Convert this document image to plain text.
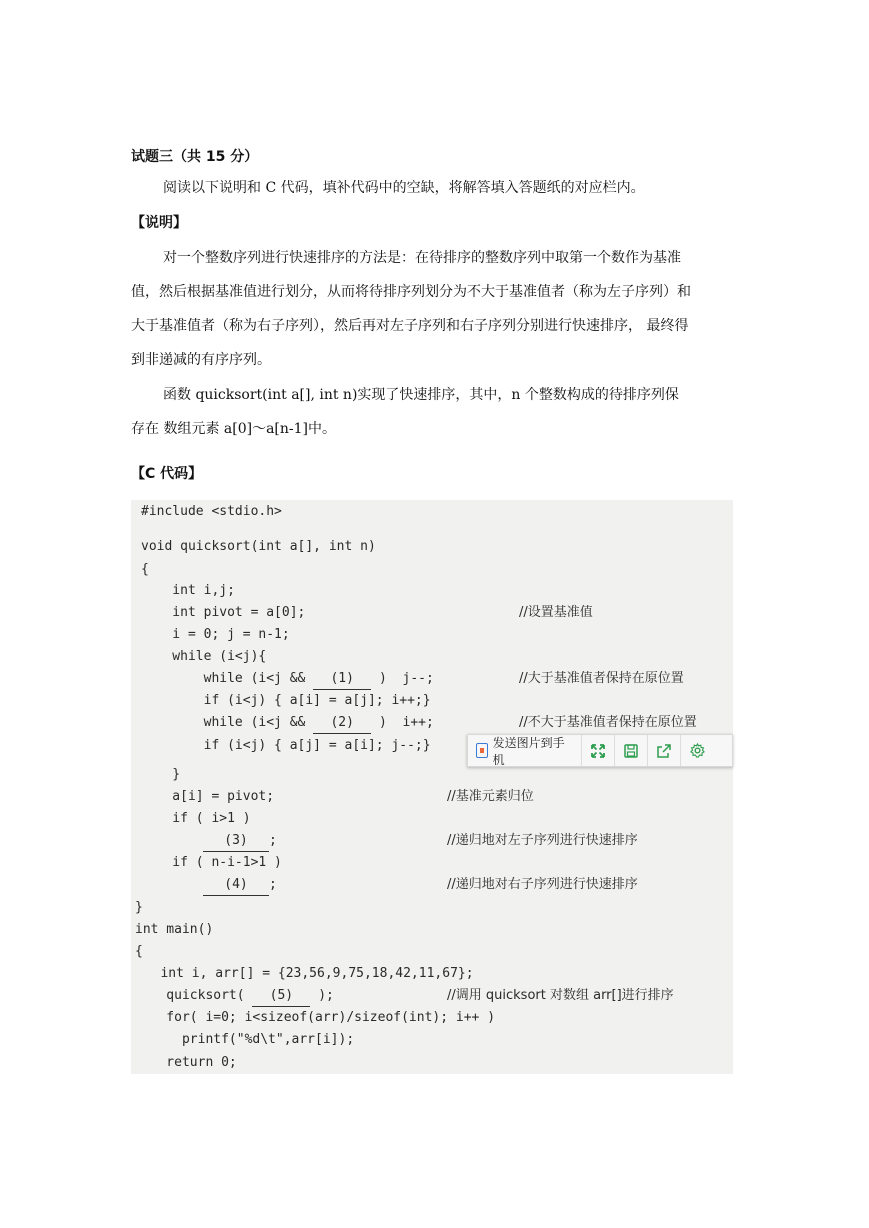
试题三（共 15 分）
阅读以下说明和 C 代码，填补代码中的空缺，将解答填入答题纸的对应栏内。
【说明】
对一个整数序列进行快速排序的方法是：在待排序的整数序列中取第一个数作为基准
值，然后根据基准值进行划分，从而将待排序列划分为不大于基准值者（称为左子序列）和
大于基准值者（称为右子序列），然后再对左子序列和右子序列分别进行快速排序， 最终得
到非递减的有序序列。
函数 quicksort(int a[], int n)实现了快速排序，其中，n 个整数构成的待排序列保
存在 数组元素 a[0]～a[n-1]中。
【C 代码】
#include <stdio.h>
void quicksort(int a[], int n)
{
int i,j;
int pivot = a[0];	//设置基准值
i = 0; j = n-1;
while (i<j){
while (i<j && (1) )  j--;	//大于基准值者保持在原位置
if (i<j) { a[i] = a[j]; i++;}
while (i<j && (2) )  i++;	//不大于基准值者保持在原位置
if (i<j) { a[j] = a[i]; j--;}
}
a[i] = pivot;	//基准元素归位
if ( i>1 )
(3) ;	//递归地对左子序列进行快速排序
if ( n-i-1>1 )
(4) ;	//递归地对右子序列进行快速排序
}
int main()
{
int i, arr[] = {23,56,9,75,18,42,11,67};
quicksort( (5) );	//调用 quicksort 对数组 arr[]进行排序
for( i=0; i<sizeof(arr)/sizeof(int); i++ )
printf("%d\t",arr[i]);
return 0;
发送图片到手机
